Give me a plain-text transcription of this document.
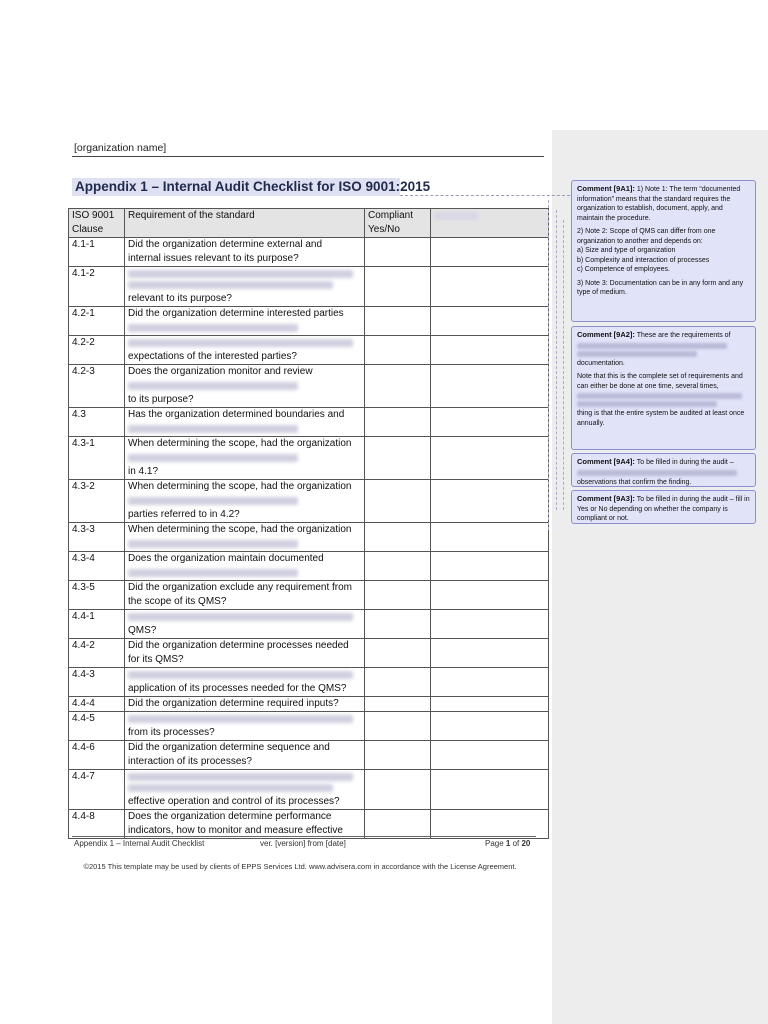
[organization name]
Appendix 1 – Internal Audit Checklist for ISO 9001:2015
ISO 9001 Clause	Requirement of the standard	Compliant Yes/No	
4.1-1	Did the organization determine external and
internal issues relevant to its purpose?		

4.1-2	relevant to its purpose?		

4.2-1	Did the organization determine interested parties		

4.2-2	expectations of the interested parties?		

4.2-3	Does the organization monitor and review
to its purpose?		

4.3	Has the organization determined boundaries and		

4.3-1	When determining the scope, had the organization
in 4.1?		

4.3-2	When determining the scope, had the organization
parties referred to in 4.2?		

4.3-3	When determining the scope, had the organization		

4.3-4	Does the organization maintain documented		

4.3-5	Did the organization exclude any requirement from
the scope of its QMS?		

4.4-1	QMS?		

4.4-2	Did the organization determine processes needed
for its QMS?		

4.4-3	application of its processes needed for the QMS?		

4.4-4	Did the organization determine required inputs?		

4.4-5	from its processes?		

4.4-6	Did the organization determine sequence and
interaction of its processes?		

4.4-7	effective operation and control of its processes?		

4.4-8	Does the organization determine performance
indicators, how to monitor and measure effective		

Appendix 1 – Internal Audit Checklist	ver. [version] from [date]	Page 1 of 20
©2015 This template may be used by clients of EPPS Services Ltd. www.advisera.com in accordance with the License Agreement.

Comment [9A1]: 1) Note 1: The term “documented information” means that the standard requires the organization to establish, document, apply, and maintain the procedure.

2) Note 2: Scope of QMS can differ from one organization to another and depends on:
a) Size and type of organization
b) Complexity and interaction of processes
c) Competence of employees.

3) Note 3: Documentation can be in any form and any type of medium.

Comment [9A2]: These are the requirements of
documentation.

Note that this is the complete set of requirements and can either be done at one time, several times,
thing is that the entire system be audited at least once annually.

Comment [9A4]: To be filled in during the audit –
observations that confirm the finding.
Comment [9A3]: To be filled in during the audit – fill in Yes or No depending on whether the company is compliant or not.
